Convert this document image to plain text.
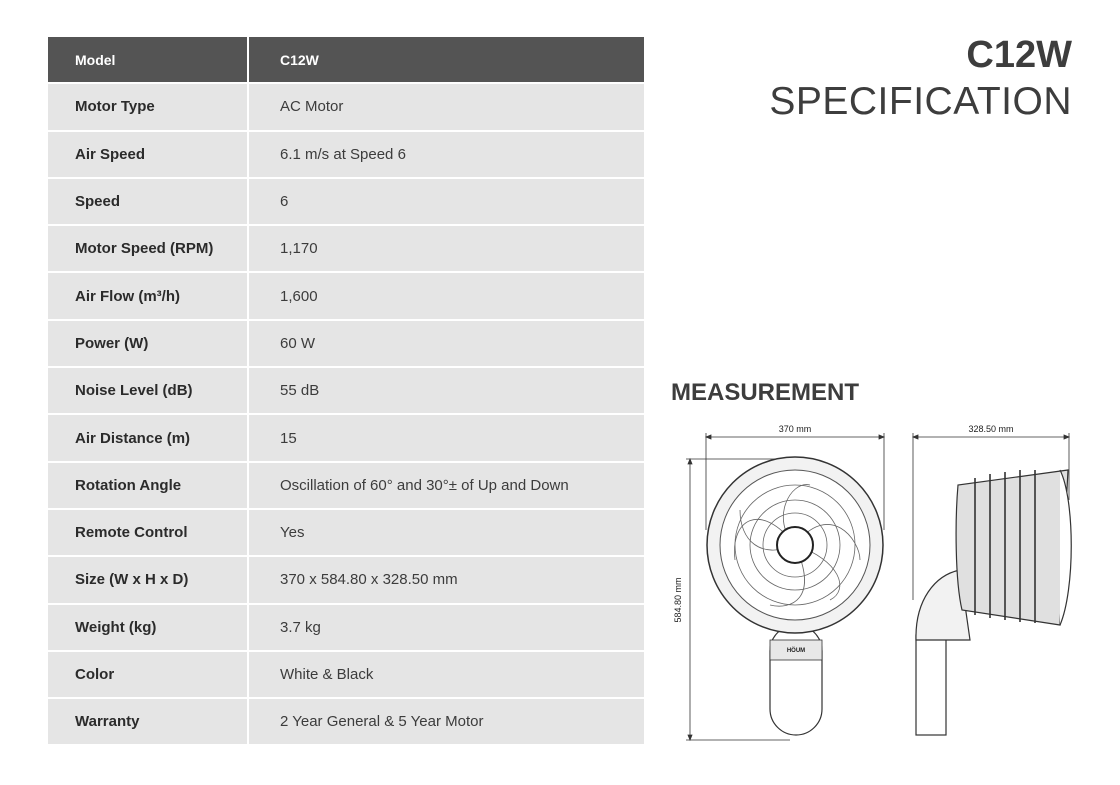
Model	C12W
Motor Type	AC Motor
Air Speed	6.1 m/s at Speed 6
Speed	6
Motor Speed (RPM)	1,170
Air Flow (m³/h)	1,600
Power (W)	60 W
Noise Level (dB)	55 dB
Air Distance (m)	15
Rotation Angle	Oscillation of 60° and 30°± of Up and Down
Remote Control	Yes
Size (W x H x D)	370 x 584.80 x 328.50 mm
Weight (kg)	3.7 kg
Color	White & Black
Warranty	2 Year General & 5 Year Motor
C12W
SPECIFICATION
MEASUREMENT
370 mm	328.50 mm
584.80 mm
HÖUM
